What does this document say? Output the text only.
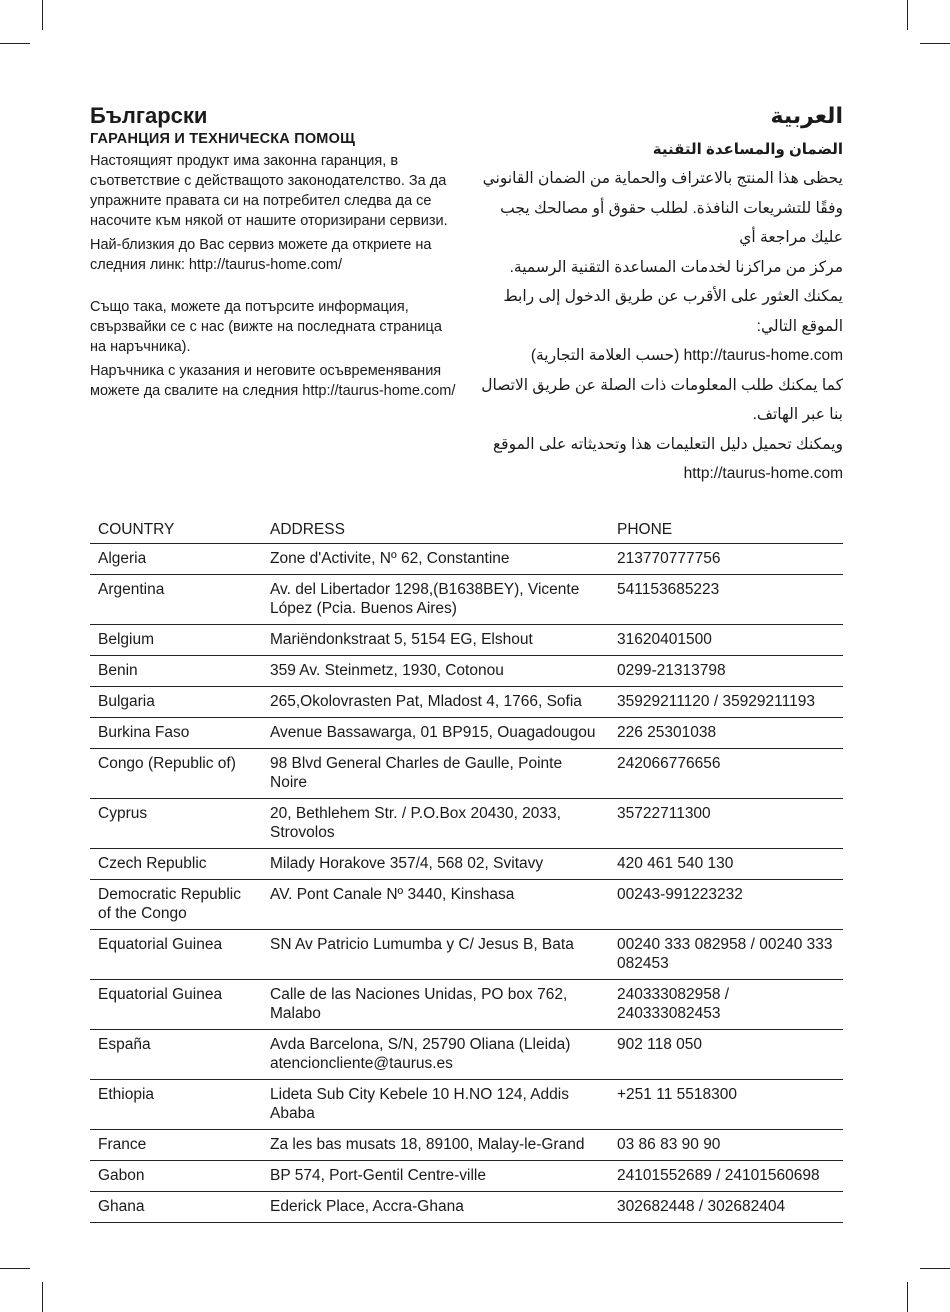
Български
ГАРАНЦИЯ И ТЕХНИЧЕСКА ПОМОЩ

Настоящият продукт има законна гаранция, в съответствие с действащото законодателство. За да упражните правата си на потребител следва да се насочите към някой от нашите оторизирани сервизи.

Най-близкия до Вас сервиз можете да откриете на следния линк: http://taurus-home.com/

Също така, можете да потърсите информация, свързвайки се с нас (вижте на последната страница на наръчника).

Наръчника с указания и неговите осъвременявания можете да свалите на следния http://taurus-home.com/

العربية
الضمان والمساعدة التقنية

يحظى هذا المنتج بالاعتراف والحماية من الضمان القانوني وفقًا للتشريعات النافذة. لطلب حقوق أو مصالحك يجب عليك مراجعة أي

مركز من مراكزنا لخدمات المساعدة التقنية الرسمية.

يمكنك العثور على الأقرب عن طريق الدخول إلى رابط الموقع التالي:

http://taurus-home.com (حسب العلامة التجارية)

كما يمكنك طلب المعلومات ذات الصلة عن طريق الاتصال بنا عبر الهاتف.

ويمكنك تحميل دليل التعليمات هذا وتحديثاته على الموقع http://taurus-home.com

COUNTRY	ADDRESS	PHONE
Algeria	Zone d'Activite, Nº 62, Constantine	213770777756
Argentina	Av. del Libertador 1298,(B1638BEY), Vicente López (Pcia. Buenos Aires)	541153685223
Belgium	Mariëndonkstraat 5, 5154 EG, Elshout	31620401500
Benin	359 Av. Steinmetz, 1930, Cotonou	0299-21313798
Bulgaria	265,Okolovrasten Pat, Mladost 4, 1766, Sofia	35929211120 / 35929211193
Burkina Faso	Avenue Bassawarga, 01 BP915, Ouagadougou	226 25301038
Congo (Republic of)	98 Blvd General Charles de Gaulle, Pointe Noire	242066776656
Cyprus	20, Bethlehem Str. / P.O.Box 20430, 2033, Strovolos	35722711300
Czech Republic	Milady Horakove 357/4, 568 02, Svitavy	420 461 540 130
Democratic Republic of the Congo	AV. Pont Canale Nº 3440, Kinshasa	00243-991223232
Equatorial Guinea	SN Av Patricio Lumumba y C/ Jesus B, Bata	00240 333 082958 / 00240 333 082453
Equatorial Guinea	Calle de las Naciones Unidas, PO box 762, Malabo	240333082958 / 240333082453
España	Avda Barcelona, S/N, 25790 Oliana (Lleida) atencioncliente@taurus.es	902 118 050
Ethiopia	Lideta Sub City Kebele 10 H.NO 124, Addis Ababa	+251 11 5518300
France	Za les bas musats 18, 89100, Malay-le-Grand	03 86 83 90 90
Gabon	BP 574, Port-Gentil Centre-ville	24101552689 / 24101560698
Ghana	Ederick Place, Accra-Ghana	302682448 / 302682404
